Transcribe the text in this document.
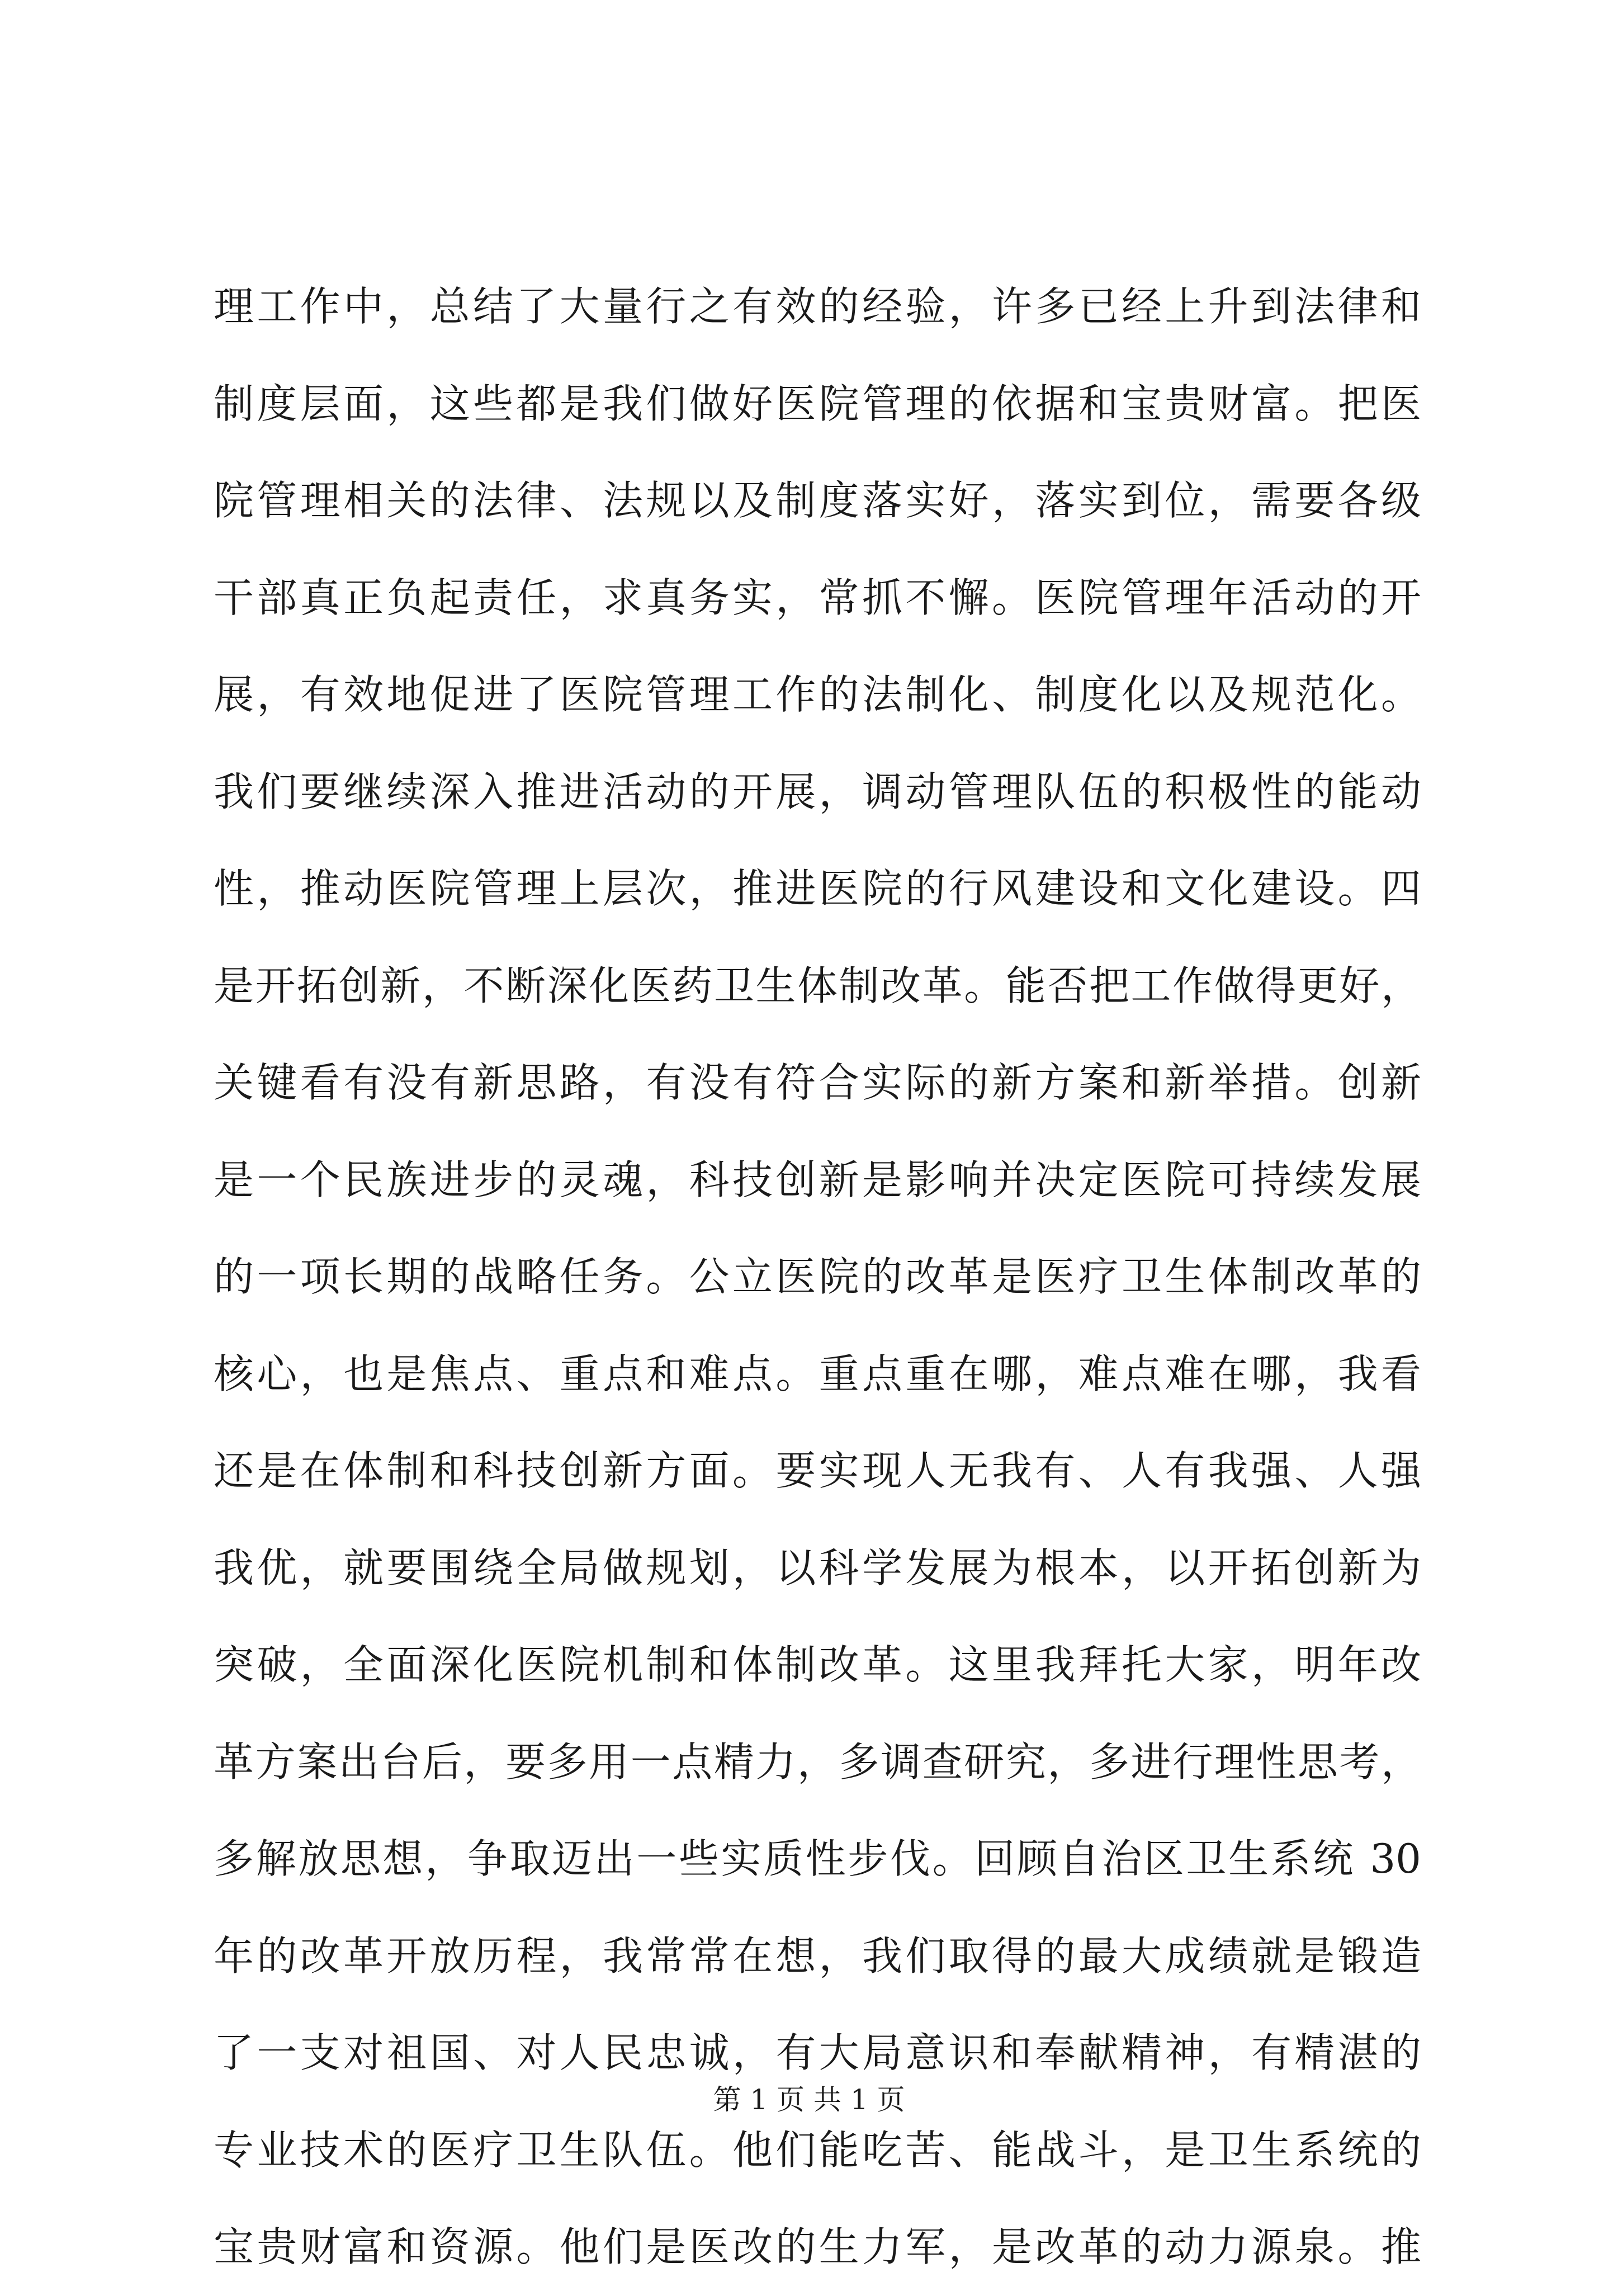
理工作中，总结了大量行之有效的经验，许多已经上升到法律和
制度层面，这些都是我们做好医院管理的依据和宝贵财富。把医
院管理相关的法律、法规以及制度落实好，落实到位，需要各级
干部真正负起责任，求真务实，常抓不懈。医院管理年活动的开
展，有效地促进了医院管理工作的法制化、制度化以及规范化。
我们要继续深入推进活动的开展，调动管理队伍的积极性的能动
性，推动医院管理上层次，推进医院的行风建设和文化建设。四
是开拓创新，不断深化医药卫生体制改革。能否把工作做得更好，
关键看有没有新思路，有没有符合实际的新方案和新举措。创新
是一个民族进步的灵魂，科技创新是影响并决定医院可持续发展
的一项长期的战略任务。公立医院的改革是医疗卫生体制改革的
核心，也是焦点、重点和难点。重点重在哪，难点难在哪，我看
还是在体制和科技创新方面。要实现人无我有、人有我强、人强
我优，就要围绕全局做规划，以科学发展为根本，以开拓创新为
突破，全面深化医院机制和体制改革。这里我拜托大家，明年改
革方案出台后，要多用一点精力，多调查研究，多进行理性思考，
多解放思想，争取迈出一些实质性步伐。回顾自治区卫生系统 30
年的改革开放历程，我常常在想，我们取得的最大成绩就是锻造
了一支对祖国、对人民忠诚，有大局意识和奉献精神，有精湛的
专业技术的医疗卫生队伍。他们能吃苦、能战斗，是卫生系统的
宝贵财富和资源。他们是医改的生力军，是改革的动力源泉。推
第 1 页 共 1 页
